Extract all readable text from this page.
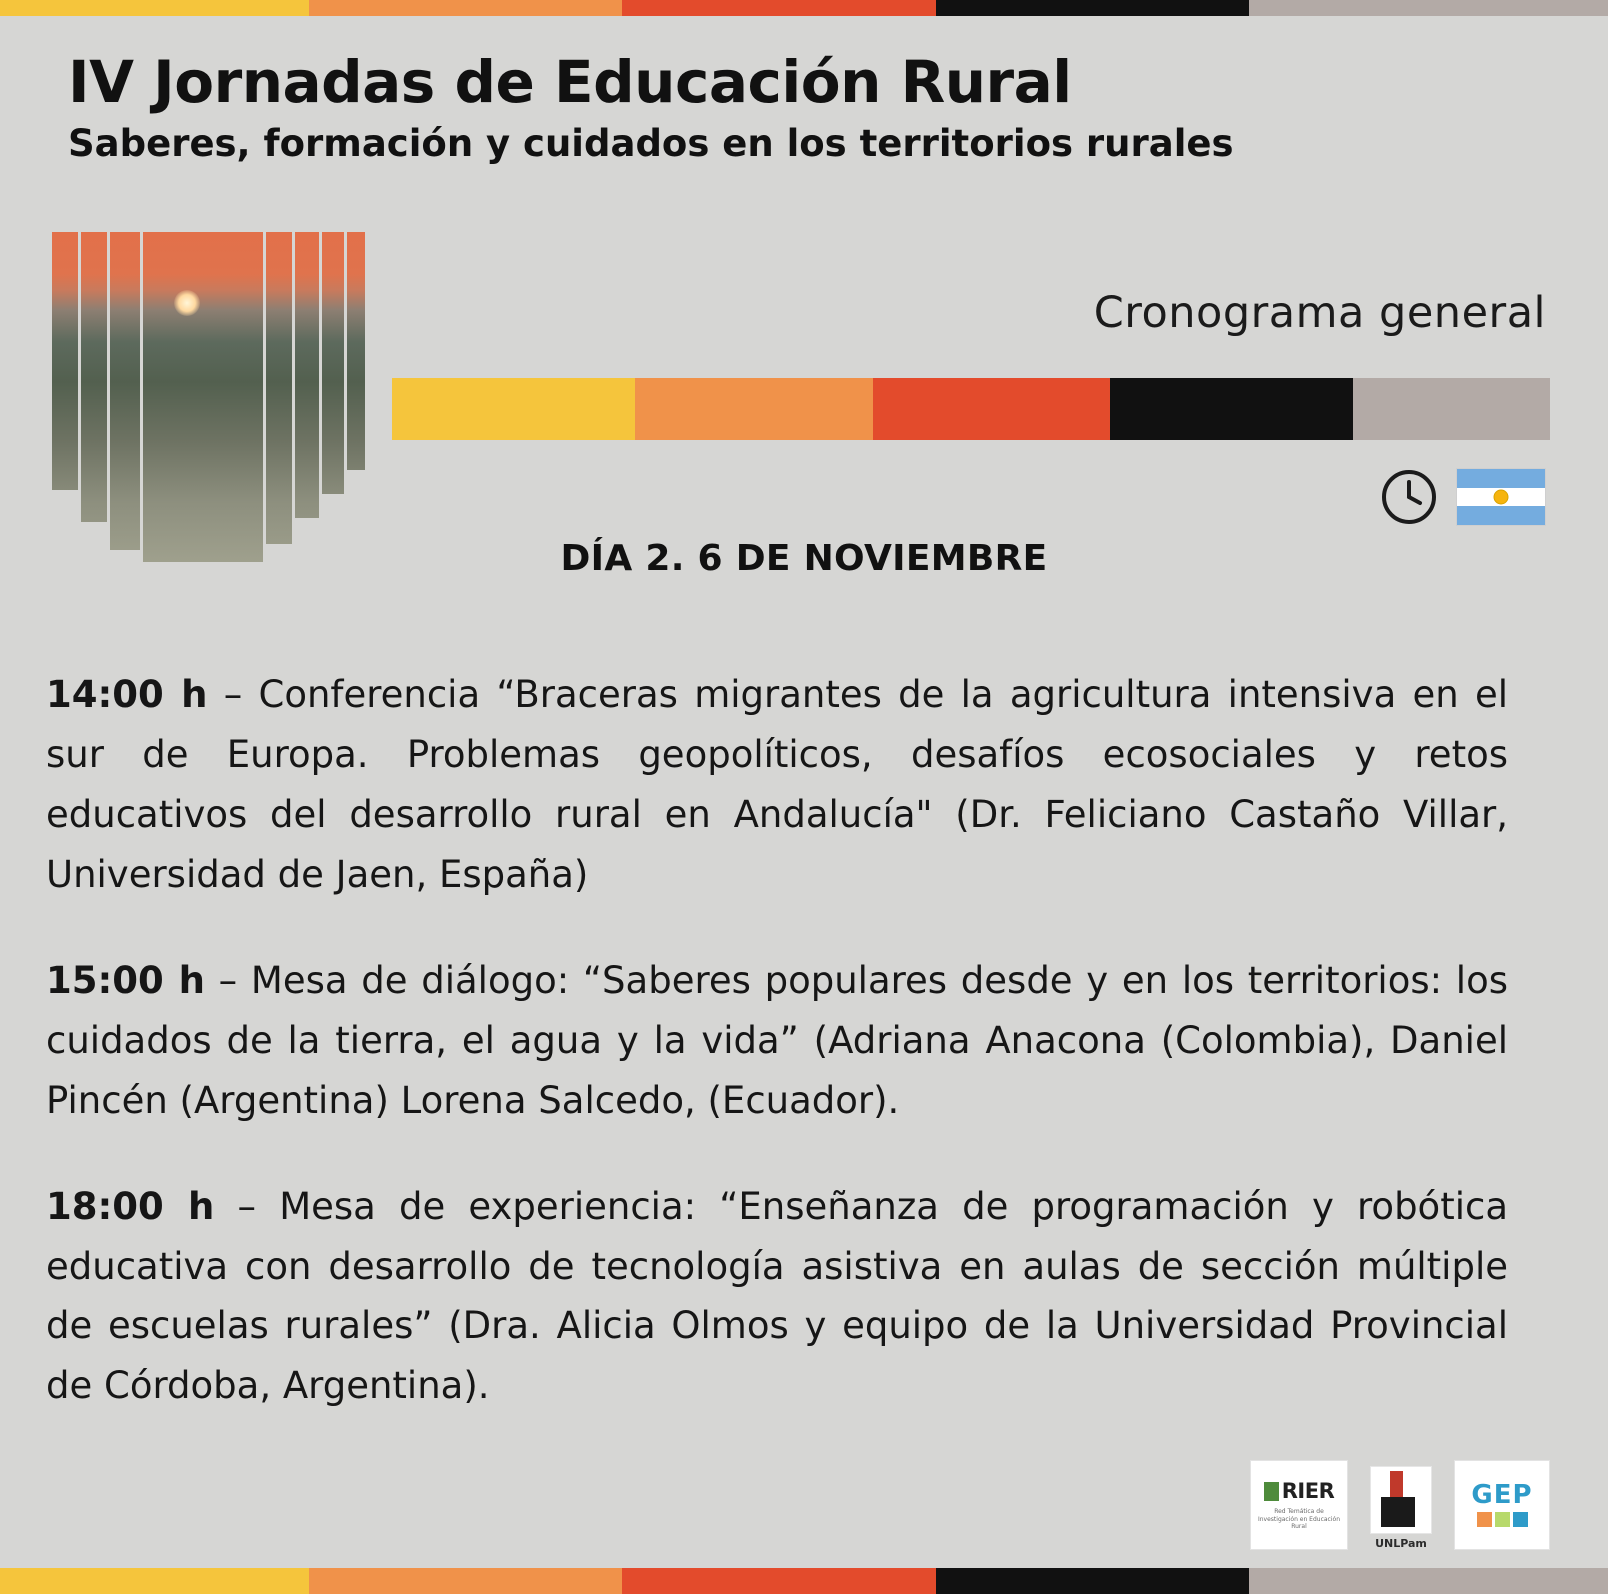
IV Jornadas de Educación Rural
Saberes, formación y cuidados en los territorios rurales
Cronograma general
DÍA 2. 6 DE NOVIEMBRE

14:00 h – Conferencia “Braceras migrantes de la agricultura intensiva en el sur de Europa. Problemas geopolíticos, desafíos ecosociales y retos educativos del desarrollo rural en Andalucía" (Dr. Feliciano Castaño Villar, Universidad de Jaen, España)

15:00 h – Mesa de diálogo: “Saberes populares desde y en los territorios: los cuidados de la tierra, el agua y la vida” (Adriana Anacona (Colombia), Daniel Pincén (Argentina) Lorena Salcedo, (Ecuador).

18:00 h – Mesa de experiencia: “Enseñanza de programación y robótica educativa con desarrollo de tecnología asistiva en aulas de sección múltiple de escuelas rurales” (Dra. Alicia Olmos y equipo de la Universidad Provincial de Córdoba, Argentina).

RIER
Red Temática de Investigación en Educación Rural
UNLPam
GEP
